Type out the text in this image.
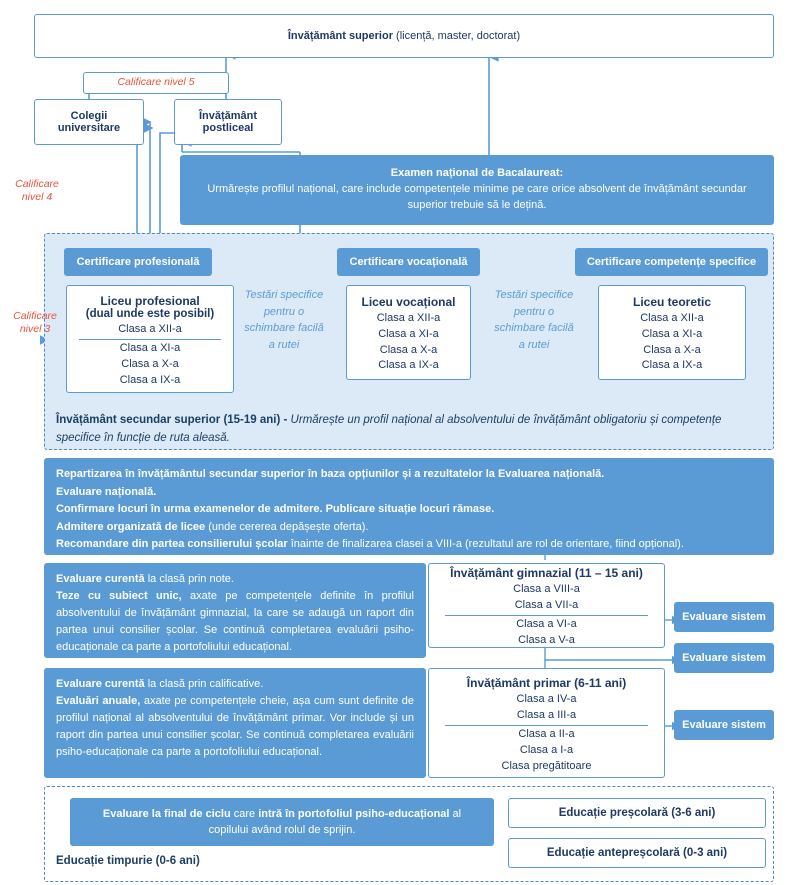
Învățământ superior (licență, master, doctorat)
Calificare nivel 5
Colegii
universitare
Învățământ
postliceal
Examen național de Bacalaureat:
Urmărește profilul național, care include competențele minime pe care orice absolvent de învățământ secundar superior trebuie să le dețină.
Calificare
nivel 4
Calificare
nivel 3
Certificare profesională	Certificare vocațională	Certificare competențe specifice
Liceu profesional
(dual unde este posibil)
Clasa a XII-a
Clasa a XI-a
Clasa a X-a
Clasa a IX-a
Testări specifice
pentru o
schimbare facilă
a rutei
Liceu vocațional
Clasa a XII-a
Clasa a XI-a
Clasa a X-a
Clasa a IX-a
Testări specifice
pentru o
schimbare facilă
a rutei
Liceu teoretic
Clasa a XII-a
Clasa a XI-a
Clasa a X-a
Clasa a IX-a
Învățământ secundar superior (15-19 ani) - Urmărește un profil național al absolventului de învățământ obligatoriu și competențe specifice în funcție de ruta aleasă.
Repartizarea în învățământul secundar superior în baza opțiunilor și a rezultatelor la Evaluarea națională.
Evaluare națională.
Confirmare locuri în urma examenelor de admitere. Publicare situație locuri rămase.
Admitere organizată de licee (unde cererea depășește oferta).
Recomandare din partea consilierului școlar înainte de finalizarea clasei a VIII-a (rezultatul are rol de orientare, fiind opțional).
Evaluare curentă la clasă prin note.
Teze cu subiect unic, axate pe competențele definite în profilul absolventului de învățământ gimnazial, la care se adaugă un raport din partea unui consilier școlar. Se continuă completarea evaluării psiho-educaționale ca parte a portofoliului educațional.
Învățământ gimnazial (11 – 15 ani)
Clasa a VIII-a
Clasa a VII-a
Clasa a VI-a
Clasa a V-a
Evaluare sistem
Evaluare sistem
Evaluare sistem
Evaluare curentă la clasă prin calificative.
Evaluări anuale, axate pe competențele cheie, așa cum sunt definite de profilul național al absolventului de învățământ primar. Vor include și un raport din partea unui consilier școlar. Se continuă completarea evaluării psiho-educaționale ca parte a portofoliului educațional.
Învățământ primar (6-11 ani)
Clasa a IV-a
Clasa a III-a
Clasa a II-a
Clasa a I-a
Clasa pregătitoare
Evaluare la final de ciclu care intră în portofoliul psiho-educațional al copilului având rolul de sprijin.
Educație preșcolară (3-6 ani)
Educație antepreșcolară (0-3 ani)
Educație timpurie (0-6 ani)
